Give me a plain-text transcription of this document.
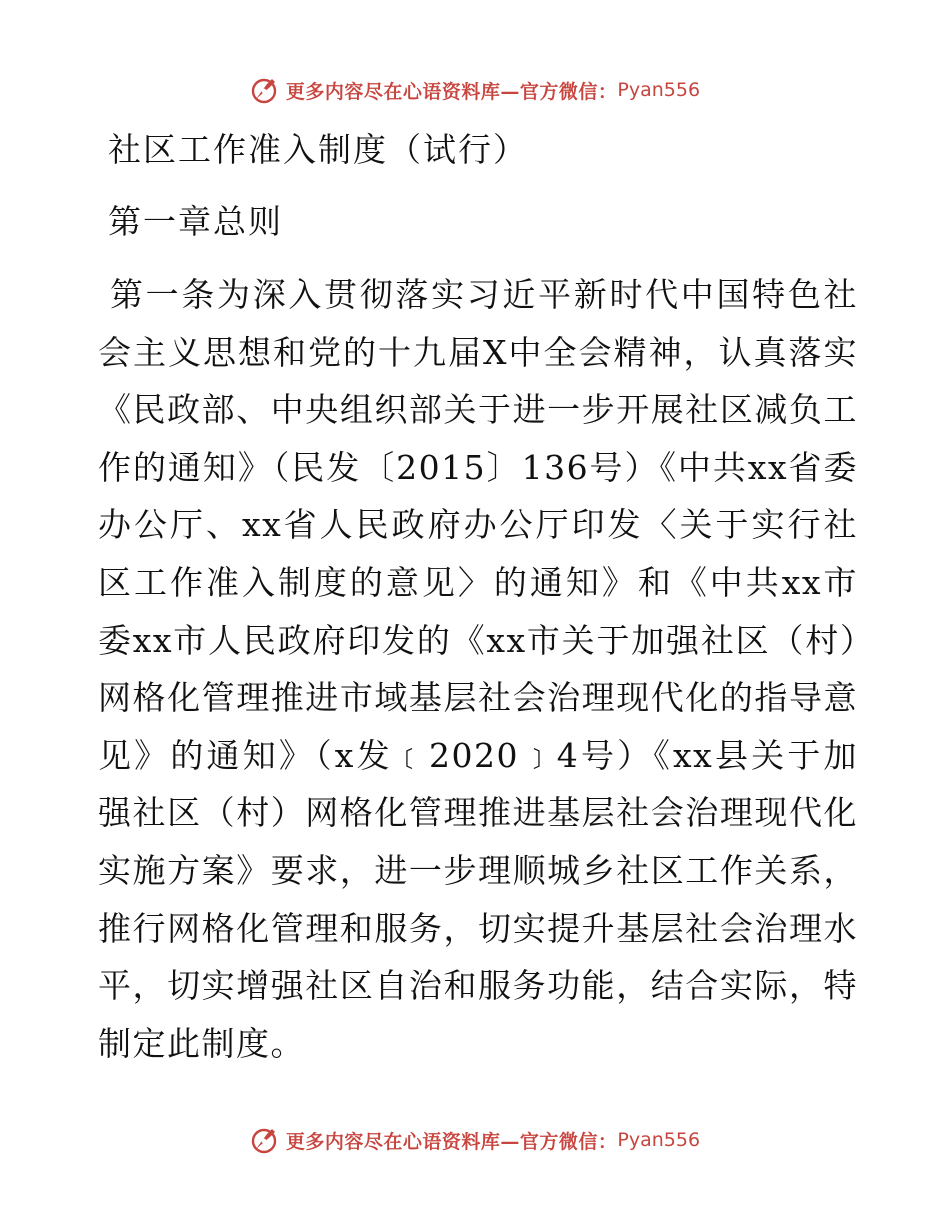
更多内容尽在心语资料库—官方微信： Pyan556
社区工作准入制度（试行）
第一章总则

第一条为深入贯彻落实习近平新时代中国特色社会主义思想和党的十九届X中全会精神，认真落实《民政部、中央组织部关于进一步开展社区减负工作的通知》（民发〔2015〕136号）《中共xx省委办公厅、xx省人民政府办公厅印发〈关于实行社区工作准入制度的意见〉的通知》和《中共xx市委xx市人民政府印发的《xx市关于加强社区（村）网格化管理推进市域基层社会治理现代化的指导意见》的通知》（x发﹝2020﹞4号）《xx县关于加强社区（村）网格化管理推进基层社会治理现代化实施方案》要求，进一步理顺城乡社区工作关系，推行网格化管理和服务，切实提升基层社会治理水平，切实增强社区自治和服务功能，结合实际，特制定此制度。

更多内容尽在心语资料库—官方微信： Pyan556
